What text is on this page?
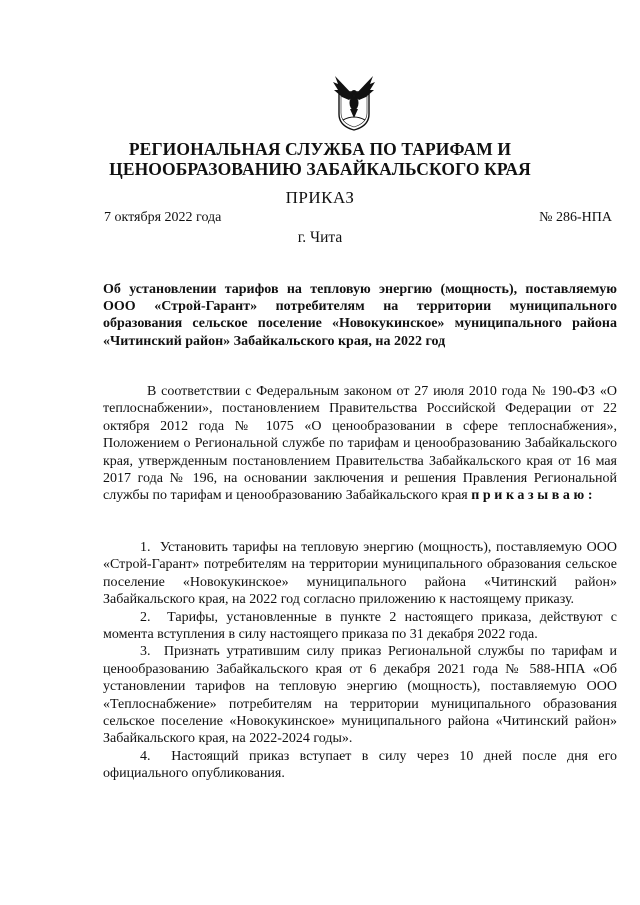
РЕГИОНАЛЬНАЯ СЛУЖБА ПО ТАРИФАМ И

ЦЕНООБРАЗОВАНИЮ ЗАБАЙКАЛЬСКОГО КРАЯ

ПРИКАЗ
7 октября 2022 года	№ 286-НПА
г. Чита

Об установлении тарифов на тепловую энергию (мощность), поставляемую ООО «Строй-Гарант» потребителям на территории муниципального образования сельское поселение «Новокукинское» муниципального района «Читинский район» Забайкальского края, на 2022 год

В соответствии с Федеральным законом от 27 июля 2010 года № 190-ФЗ «О теплоснабжении», постановлением Правительства Российской Федерации от 22 октября 2012 года № 1075 «О ценообразовании в сфере теплоснабжения», Положением о Региональной службе по тарифам и ценообразованию Забайкальского края, утвержденным постановлением Правительства Забайкальского края от 16 мая 2017 года № 196, на основании заключения и решения Правления Региональной службы по тарифам и ценообразованию Забайкальского края приказываю:

1. Установить тарифы на тепловую энергию (мощность), поставляемую ООО «Строй-Гарант» потребителям на территории муниципального образования сельское поселение «Новокукинское» муниципального района «Читинский район» Забайкальского края, на 2022 год согласно приложению к настоящему приказу.
2. Тарифы, установленные в пункте 2 настоящего приказа, действуют с момента вступления в силу настоящего приказа по 31 декабря 2022 года.
3. Признать утратившим силу приказ Региональной службы по тарифам и ценообразованию Забайкальского края от 6 декабря 2021 года № 588-НПА «Об установлении тарифов на тепловую энергию (мощность), поставляемую ООО «Теплоснабжение» потребителям на территории муниципального образования сельское поселение «Новокукинское» муниципального района «Читинский район» Забайкальского края, на 2022-2024 годы».
4. Настоящий приказ вступает в силу через 10 дней после дня его официального опубликования.
